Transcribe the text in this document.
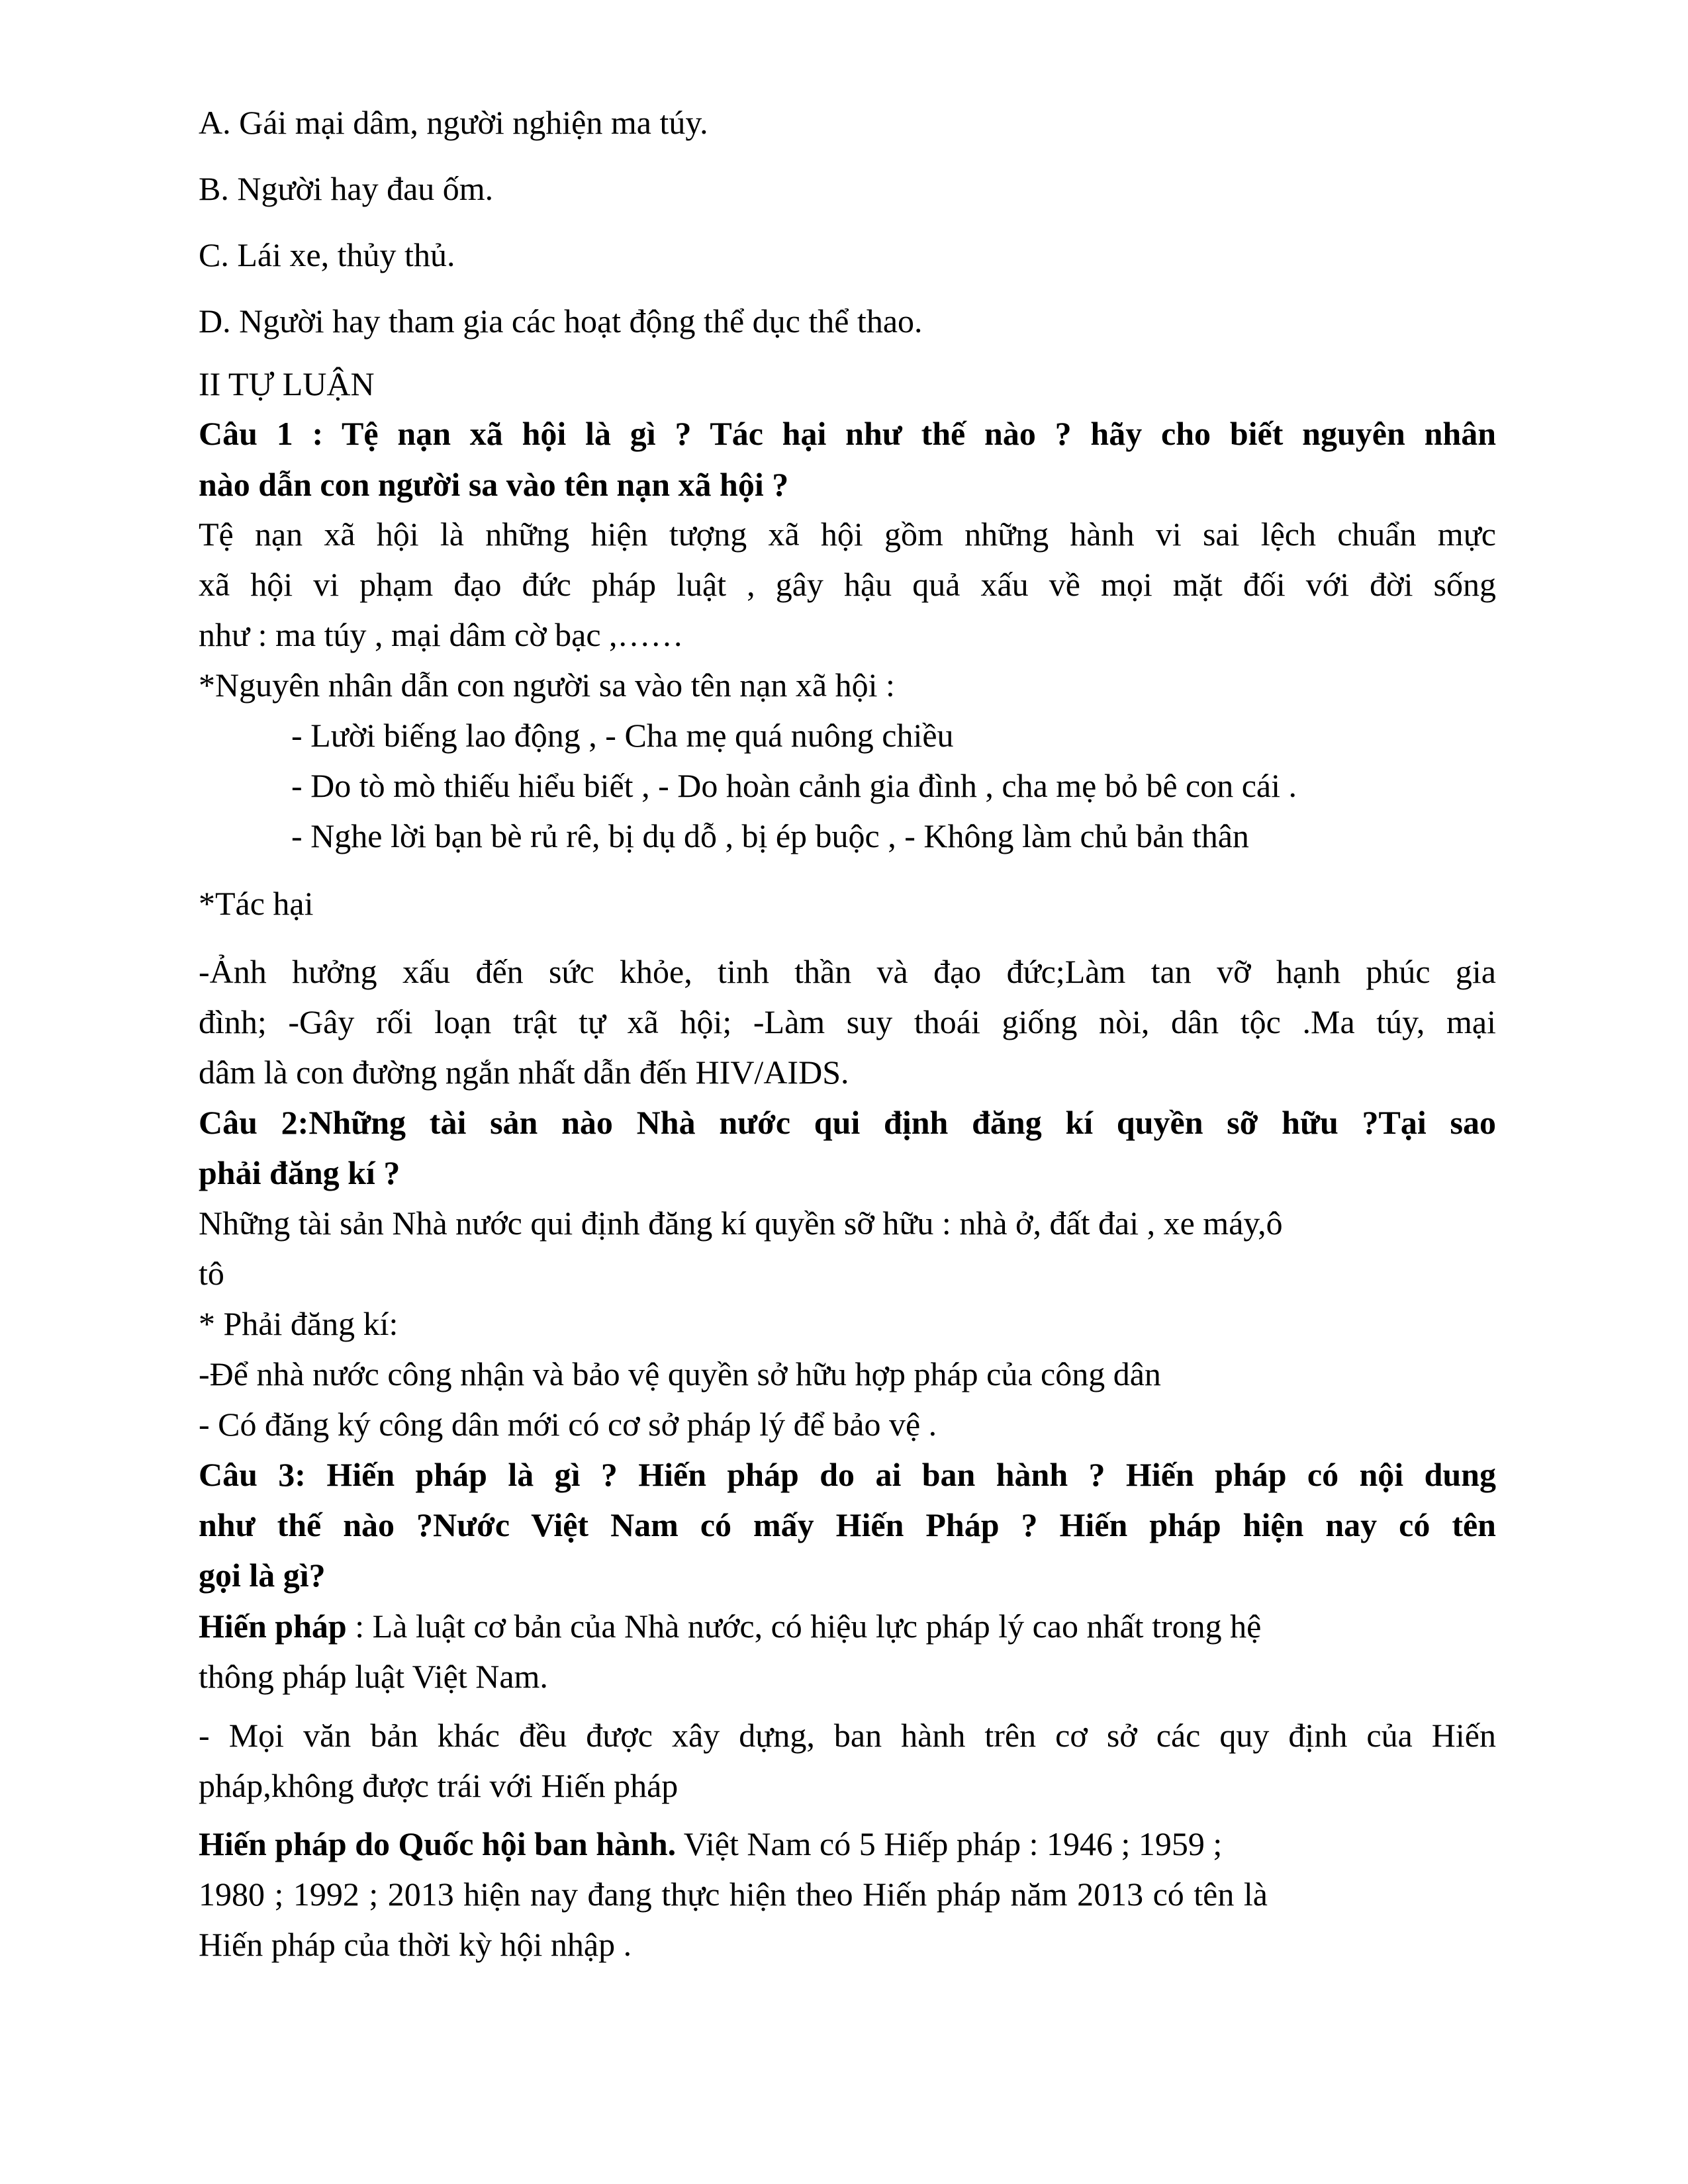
A. Gái mại dâm, người nghiện ma túy.
B. Người hay đau ốm.
C. Lái xe, thủy thủ.
D. Người hay tham gia các hoạt động thể dục thể thao.
II TỰ LUẬN
Câu 1 : Tệ nạn xã hội là gì ? Tác hại như thế nào ? hãy cho biết nguyên nhân
nào dẫn con người sa vào tên nạn xã hội ?
Tệ nạn xã hội là những hiện tượng xã hội gồm những hành vi sai lệch chuẩn mực
xã hội vi phạm đạo đức pháp luật , gây hậu quả xấu về mọi mặt đối với đời sống
như : ma túy , mại dâm cờ bạc ,……
*Nguyên nhân dẫn con người sa vào tên nạn xã hội :
- Lười biếng lao động , - Cha mẹ quá nuông chiều
- Do tò mò thiếu hiểu biết , - Do hoàn cảnh gia đình , cha mẹ bỏ bê con cái .
- Nghe lời bạn bè rủ rê, bị dụ dỗ , bị ép buộc , - Không làm chủ bản thân
*Tác hại
-Ảnh hưởng xấu đến sức khỏe, tinh thần và đạo đức;Làm tan vỡ hạnh phúc gia
đình; -Gây rối loạn trật tự xã hội; -Làm suy thoái giống nòi, dân tộc .Ma túy, mại
dâm là con đường ngắn nhất dẫn đến HIV/AIDS.
Câu 2:Những tài sản nào Nhà nước qui định đăng kí quyền sỡ hữu ?Tại sao
phải đăng kí ?
Những tài sản Nhà nước qui định đăng kí quyền sỡ hữu : nhà ở, đất đai , xe máy,ô
tô
* Phải đăng kí:
-Để nhà nước công nhận và bảo vệ quyền sở hữu hợp pháp của công dân
- Có đăng ký công dân mới có cơ sở pháp lý để bảo vệ .
Câu 3: Hiến pháp là gì ? Hiến pháp do ai ban hành ? Hiến pháp có nội dung
như thế nào ?Nước Việt Nam có mấy Hiến Pháp ? Hiến pháp hiện nay có tên
gọi là gì?
Hiến pháp : Là luật cơ bản của Nhà nước, có hiệu lực pháp lý cao nhất trong hệ
thông pháp luật Việt Nam.
- Mọi văn bản khác đều được xây dựng, ban hành trên cơ sở các quy định của Hiến
pháp,không được trái với Hiến pháp
Hiến pháp do Quốc hội ban hành. Việt Nam có 5 Hiếp pháp : 1946 ; 1959 ;
1980 ; 1992 ; 2013 hiện nay đang thực hiện theo Hiến pháp năm 2013 có tên là
Hiến pháp của thời kỳ hội nhập .
